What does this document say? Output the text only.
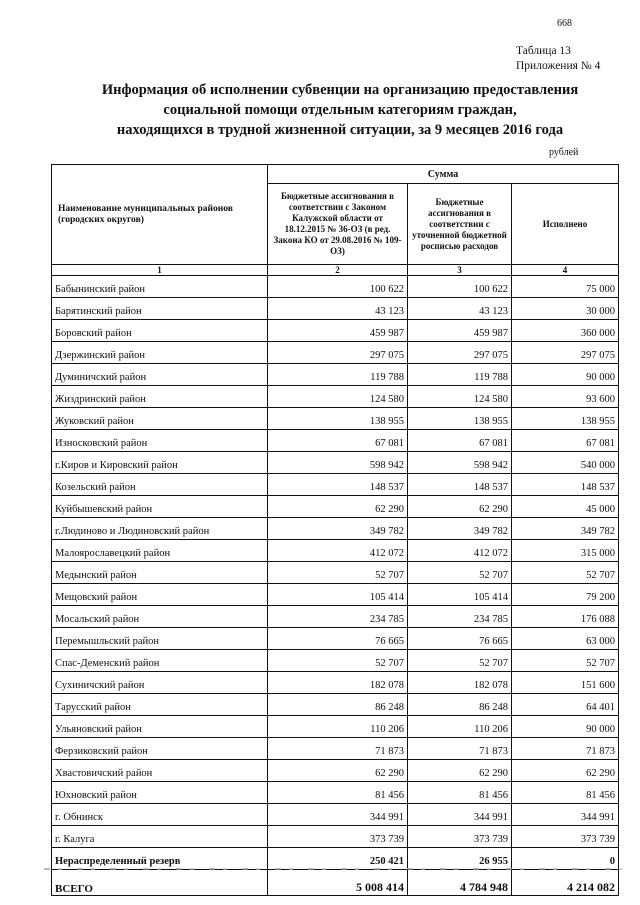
668
Таблица 13
Приложения № 4
Информация об исполнении субвенции на организацию предоставления
социальной помощи отдельным категориям граждан,
находящихся в трудной жизненной ситуации, за 9 месяцев 2016 года
рублей
Наименование муниципальных районов (городских округов)	Сумма		
	Бюджетные ассигнования в соответствии с Законом Калужской области от 18.12.2015 № 36-ОЗ (в ред. Закона КО от 29.08.2016 № 109-ОЗ)	Бюджетные ассигнования в соответствии с уточненной бюджетной росписью расходов	Исполнено
1	2	3	4
Бабынинский район	100 622	100 622	75 000
Барятинский район	43 123	43 123	30 000
Боровский район	459 987	459 987	360 000
Дзержинский район	297 075	297 075	297 075
Думиничский район	119 788	119 788	90 000
Жиздринский район	124 580	124 580	93 600
Жуковский район	138 955	138 955	138 955
Износковский район	67 081	67 081	67 081
г.Киров и Кировский район	598 942	598 942	540 000
Козельский район	148 537	148 537	148 537
Куйбышевский район	62 290	62 290	45 000
г.Людиново и Людиновский район	349 782	349 782	349 782
Малоярославецкий район	412 072	412 072	315 000
Медынский район	52 707	52 707	52 707
Мещовский район	105 414	105 414	79 200
Мосальский район	234 785	234 785	176 088
Перемышльский район	76 665	76 665	63 000
Спас-Деменский район	52 707	52 707	52 707
Сухиничский район	182 078	182 078	151 600
Тарусский район	86 248	86 248	64 401
Ульяновский район	110 206	110 206	90 000
Ферзиковский район	71 873	71 873	71 873
Хвастовичский район	62 290	62 290	62 290
Юхновский район	81 456	81 456	81 456
г. Обнинск	344 991	344 991	344 991
г. Калуга	373 739	373 739	373 739
Нераспределенный резерв	250 421	26 955	0
ВСЕГО	5 008 414	4 784 948	4 214 082
